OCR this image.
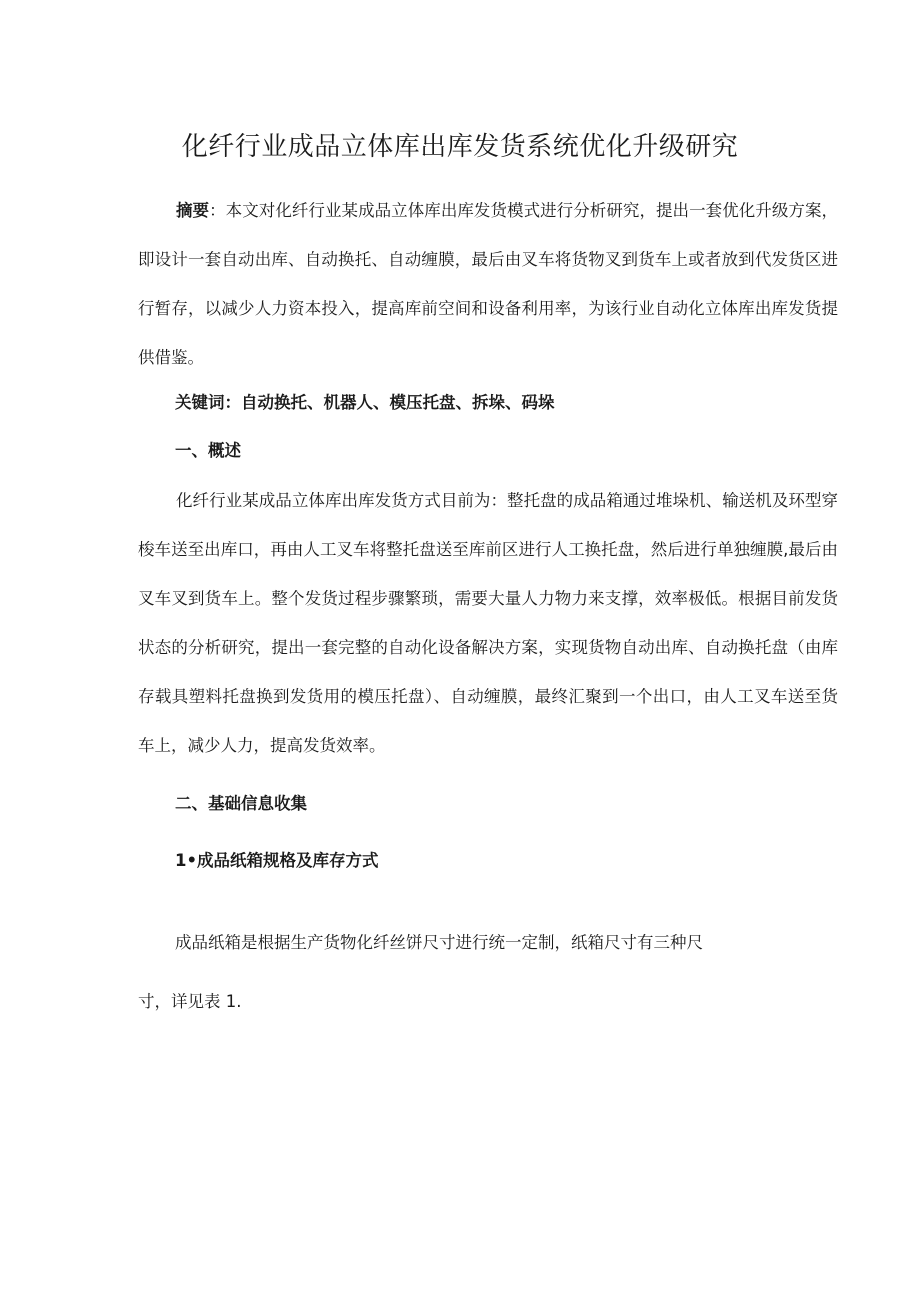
化纤行业成品立体库出库发货系统优化升级研究

摘要：本文对化纤行业某成品立体库出库发货模式进行分析研究，提出一套优化升级方案，即设计一套自动出库、自动换托、自动缠膜，最后由叉车将货物叉到货车上或者放到代发货区进行暂存，以减少人力资本投入，提高库前空间和设备利用率，为该行业自动化立体库出库发货提供借鉴。

关键词：自动换托、机器人、模压托盘、拆垛、码垛

一、概述

化纤行业某成品立体库出库发货方式目前为：整托盘的成品箱通过堆垛机、输送机及环型穿梭车送至出库口，再由人工叉车将整托盘送至库前区进行人工换托盘，然后进行单独缠膜,最后由叉车叉到货车上。整个发货过程步骤繁琐，需要大量人力物力来支撑，效率极低。根据目前发货状态的分析研究，提出一套完整的自动化设备解决方案，实现货物自动出库、自动换托盘（由库存载具塑料托盘换到发货用的模压托盘）、自动缠膜，最终汇聚到一个出口，由人工叉车送至货车上，减少人力，提高发货效率。

二、基础信息收集
1•成品纸箱规格及库存方式

成品纸箱是根据生产货物化纤丝饼尺寸进行统一定制，纸箱尺寸有三种尺

寸，详见表 1.
